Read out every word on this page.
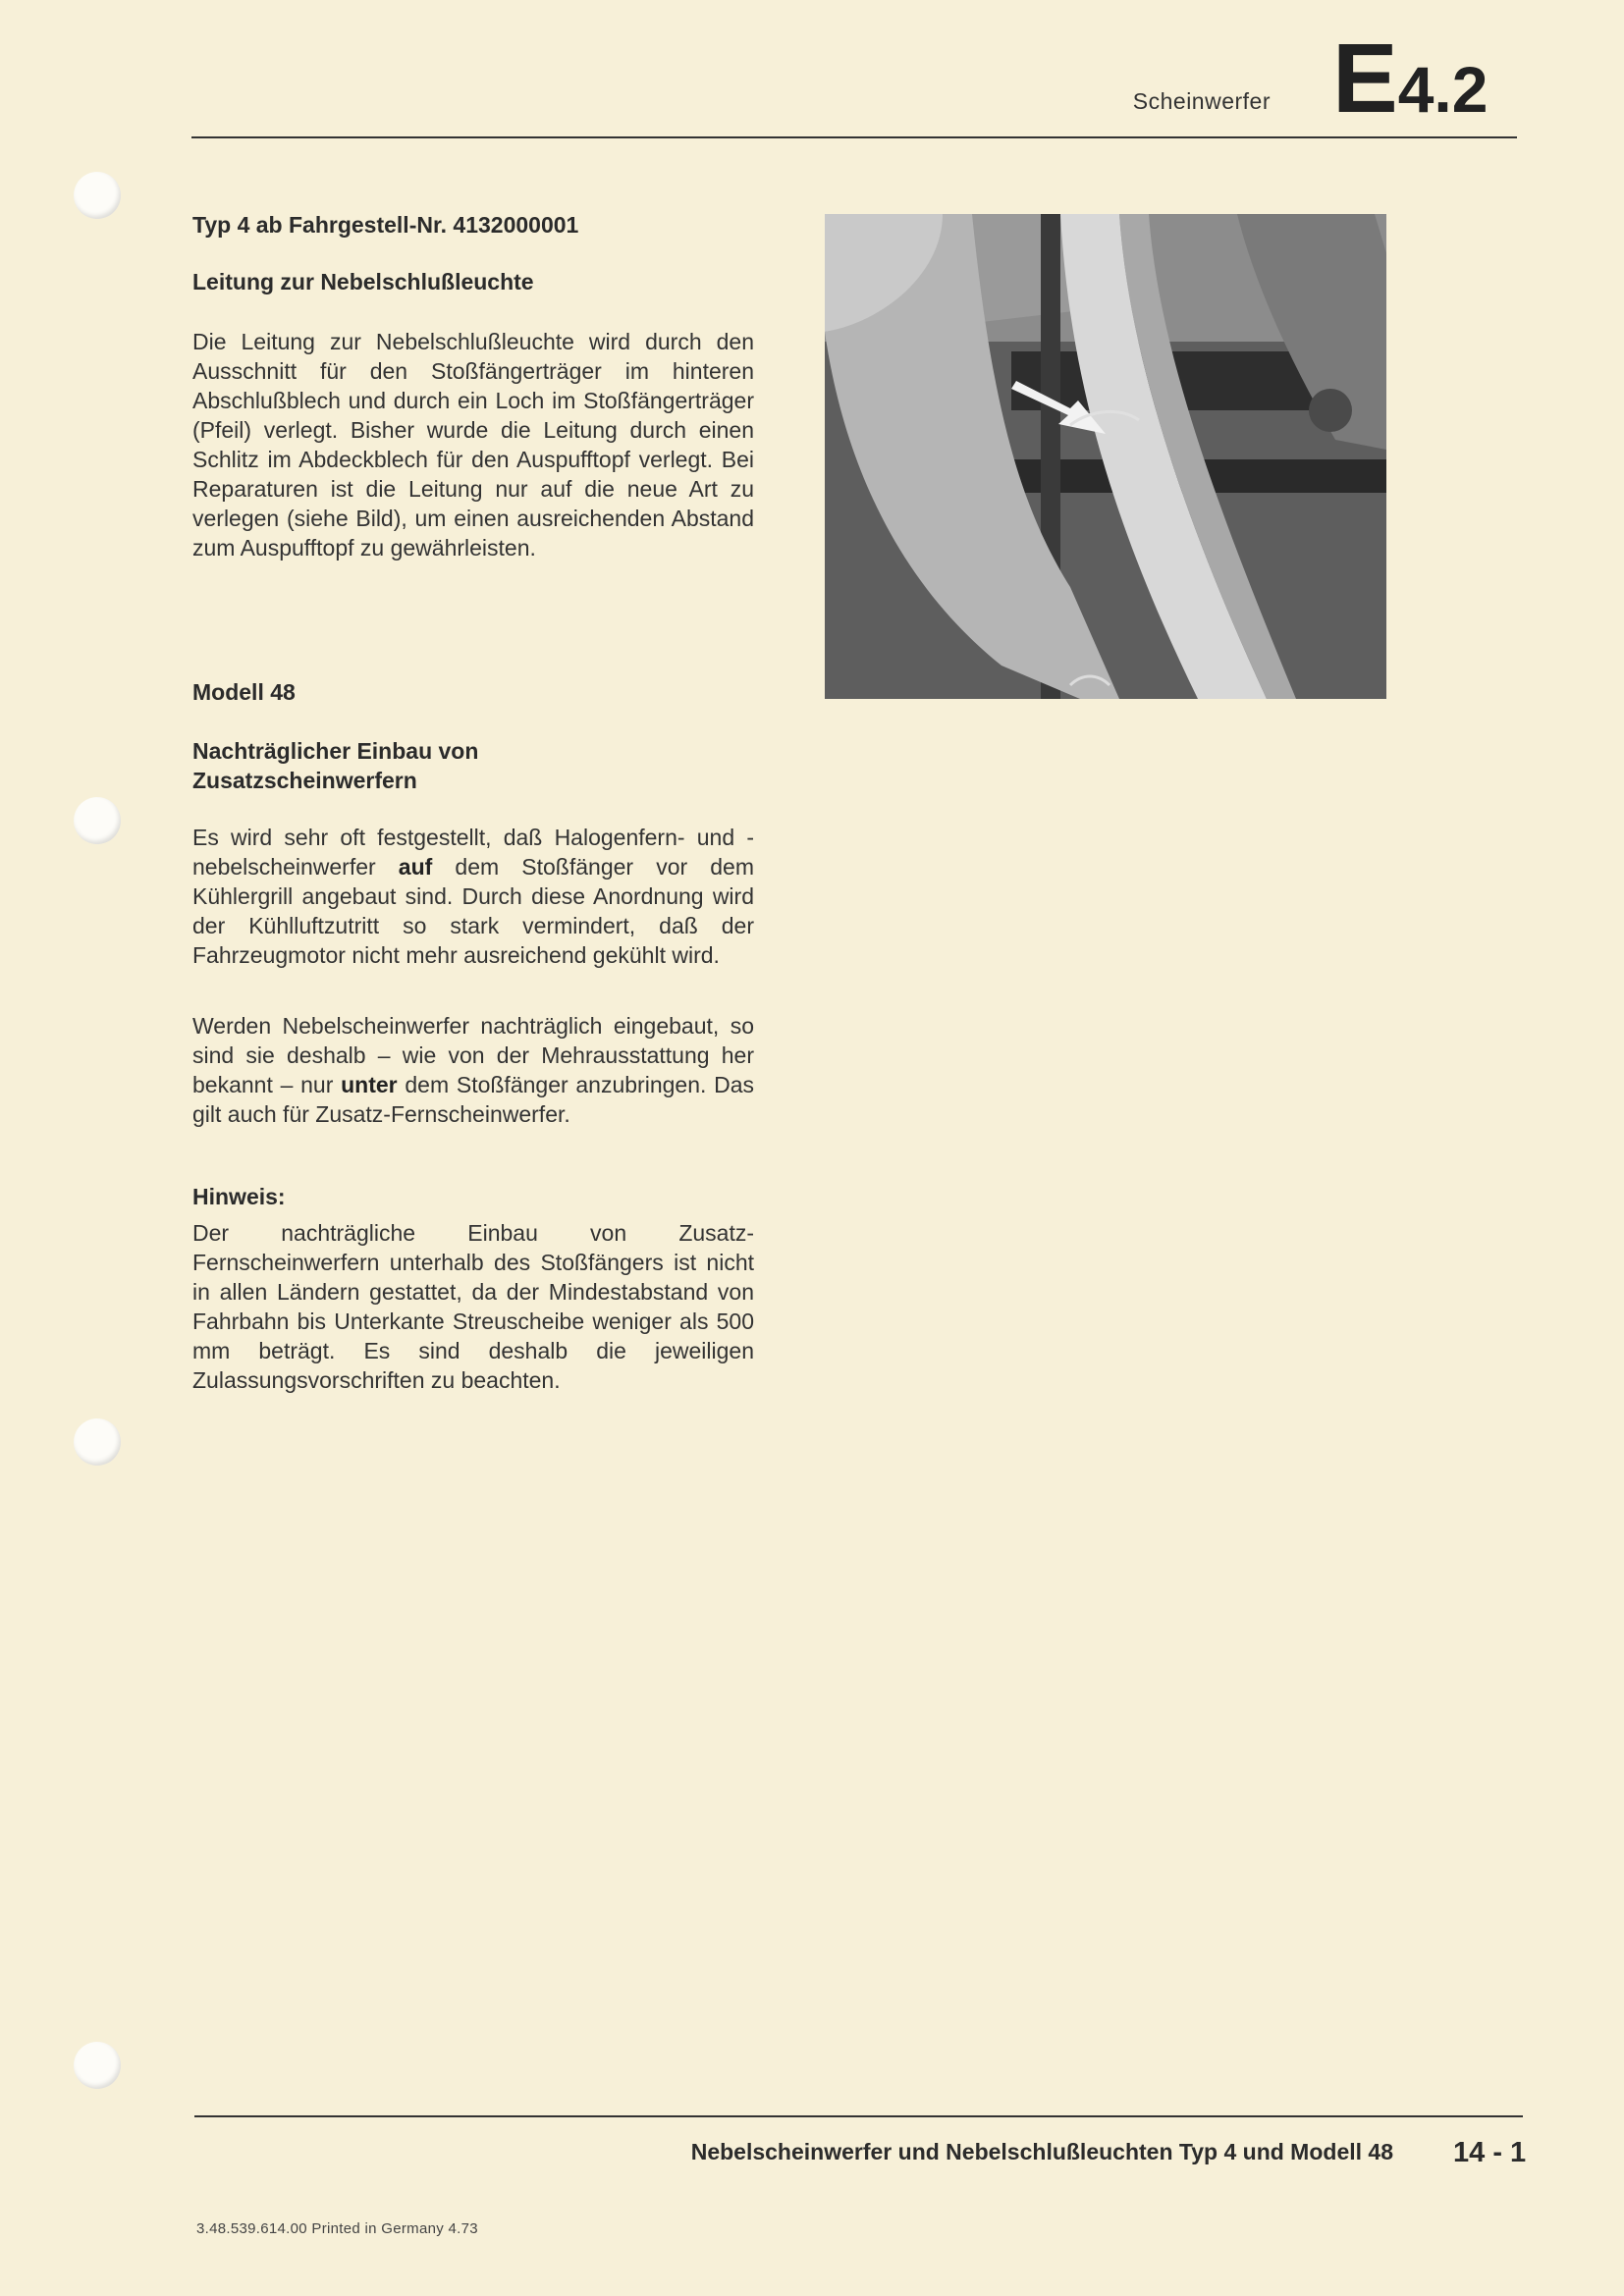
Scheinwerfer E4.2
Typ 4 ab Fahrgestell-Nr. 4132000001
Leitung zur Nebelschlußleuchte

Die Leitung zur Nebelschlußleuchte wird durch den Ausschnitt für den Stoßfängerträger im hinteren Abschlußblech und durch ein Loch im Stoßfängerträger (Pfeil) verlegt. Bisher wurde die Leitung durch einen Schlitz im Abdeckblech für den Auspufftopf verlegt. Bei Reparaturen ist die Leitung nur auf die neue Art zu verlegen (siehe Bild), um einen ausreichenden Abstand zum Auspufftopf zu gewährleisten.

Modell 48
Nachträglicher Einbau von Zusatzscheinwerfern

Es wird sehr oft festgestellt, daß Halogenfern- und -nebelscheinwerfer auf dem Stoßfänger vor dem Kühlergrill angebaut sind. Durch diese Anordnung wird der Kühlluftzutritt so stark vermindert, daß der Fahrzeugmotor nicht mehr ausreichend gekühlt wird.

Werden Nebelscheinwerfer nachträglich eingebaut, so sind sie deshalb – wie von der Mehrausstattung her bekannt – nur unter dem Stoßfänger anzubringen. Das gilt auch für Zusatz-Fernscheinwerfer.

Hinweis:

Der nachträgliche Einbau von Zusatz-Fernscheinwerfern unterhalb des Stoßfängers ist nicht in allen Ländern gestattet, da der Mindestabstand von Fahrbahn bis Unterkante Streuscheibe weniger als 500 mm beträgt. Es sind deshalb die jeweiligen Zulassungsvorschriften zu beachten.

Nebelscheinwerfer und Nebelschlußleuchten Typ 4 und Modell 48 14 - 1
3.48.539.614.00 Printed in Germany 4.73
